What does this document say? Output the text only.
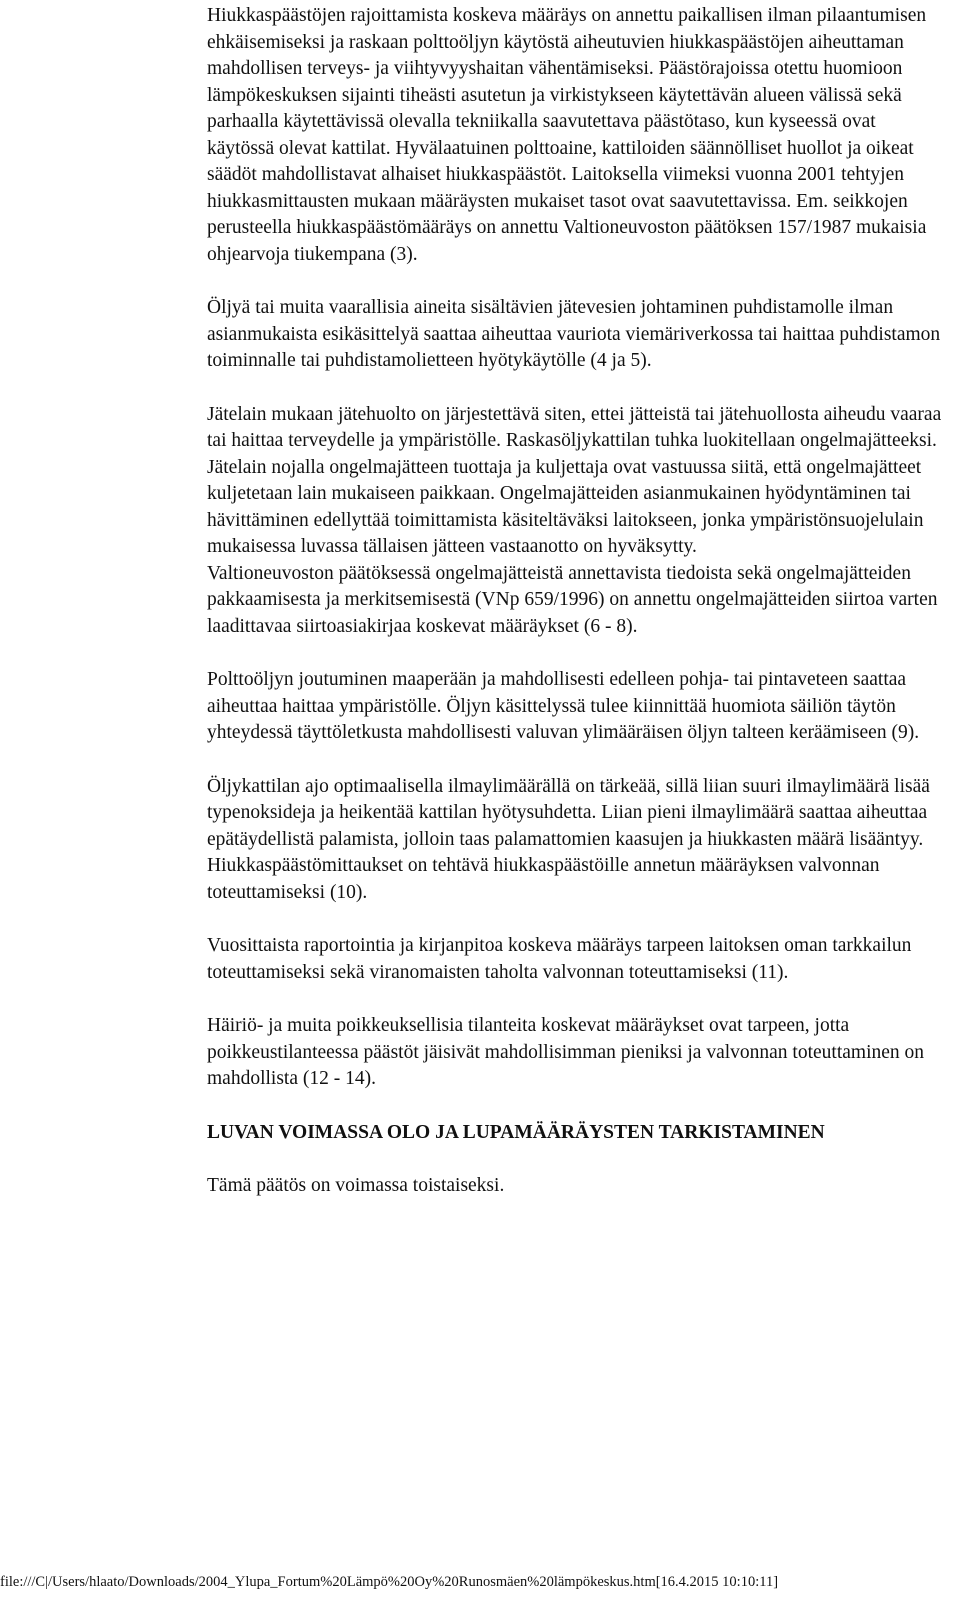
Hiukkaspäästöjen rajoittamista koskeva määräys on annettu paikallisen ilman pilaantumisen ehkäisemiseksi ja raskaan polttoöljyn käytöstä aiheutuvien hiukkaspäästöjen aiheuttaman mahdollisen terveys- ja viihtyvyyshaitan vähentämiseksi. Päästörajoissa otettu huomioon lämpökeskuksen sijainti tiheästi asutetun ja virkistykseen käytettävän alueen välissä sekä parhaalla käytettävissä olevalla tekniikalla saavutettava päästötaso, kun kyseessä ovat käytössä olevat kattilat. Hyvälaatuinen polttoaine, kattiloiden säännölliset huollot ja oikeat säädöt mahdollistavat alhaiset hiukkaspäästöt. Laitoksella viimeksi vuonna 2001 tehtyjen hiukkasmittausten mukaan määräysten mukaiset tasot ovat saavutettavissa. Em. seikkojen perusteella hiukkaspäästömääräys on annettu Valtioneuvoston päätöksen 157/1987 mukaisia ohjearvoja tiukempana (3).

Öljyä tai muita vaarallisia aineita sisältävien jätevesien johtaminen puhdistamolle ilman asianmukaista esikäsittelyä saattaa aiheuttaa vauriota viemäriverkossa tai haittaa puhdistamon toiminnalle tai puhdistamolietteen hyötykäytölle (4 ja 5).

Jätelain mukaan jätehuolto on järjestettävä siten, ettei jätteistä tai jätehuollosta aiheudu vaaraa tai haittaa terveydelle ja ympäristölle. Raskasöljykattilan tuhka luokitellaan ongelmajätteeksi. Jätelain nojalla ongelmajätteen tuottaja ja kuljettaja ovat vastuussa siitä, että ongelmajätteet kuljetetaan lain mukaiseen paikkaan. Ongelmajätteiden asianmukainen hyödyntäminen tai hävittäminen edellyttää toimittamista käsiteltäväksi laitokseen, jonka ympäristönsuojelulain mukaisessa luvassa tällaisen jätteen vastaanotto on hyväksytty.

Valtioneuvoston päätöksessä ongelmajätteistä annettavista tiedoista sekä ongelmajätteiden pakkaamisesta ja merkitsemisestä (VNp 659/1996) on annettu ongelmajätteiden siirtoa varten laadittavaa siirtoasiakirjaa koskevat määräykset (6 - 8).

Polttoöljyn joutuminen maaperään ja mahdollisesti edelleen pohja- tai pintaveteen saattaa aiheuttaa haittaa ympäristölle. Öljyn käsittelyssä tulee kiinnittää huomiota säiliön täytön yhteydessä täyttöletkusta mahdollisesti valuvan ylimääräisen öljyn talteen keräämiseen (9).

Öljykattilan ajo optimaalisella ilmaylimäärällä on tärkeää, sillä liian suuri ilmaylimäärä lisää typenoksideja ja heikentää kattilan hyötysuhdetta. Liian pieni ilmaylimäärä saattaa aiheuttaa epätäydellistä palamista, jolloin taas palamattomien kaasujen ja hiukkasten määrä lisääntyy.

Hiukkaspäästömittaukset on tehtävä hiukkaspäästöille annetun määräyksen valvonnan toteuttamiseksi (10).

Vuosittaista raportointia ja kirjanpitoa koskeva määräys tarpeen laitoksen oman tarkkailun toteuttamiseksi sekä viranomaisten taholta valvonnan toteuttamiseksi (11).

Häiriö- ja muita poikkeuksellisia tilanteita koskevat määräykset ovat tarpeen, jotta poikkeustilanteessa päästöt jäisivät mahdollisimman pieniksi ja valvonnan toteuttaminen on mahdollista (12 - 14).

LUVAN VOIMASSA OLO JA LUPAMÄÄRÄYSTEN TARKISTAMINEN

Tämä päätös on voimassa toistaiseksi.

file:///C|/Users/hlaato/Downloads/2004_Ylupa_Fortum%20Lämpö%20Oy%20Runosmäen%20lämpökeskus.htm[16.4.2015 10:10:11]
